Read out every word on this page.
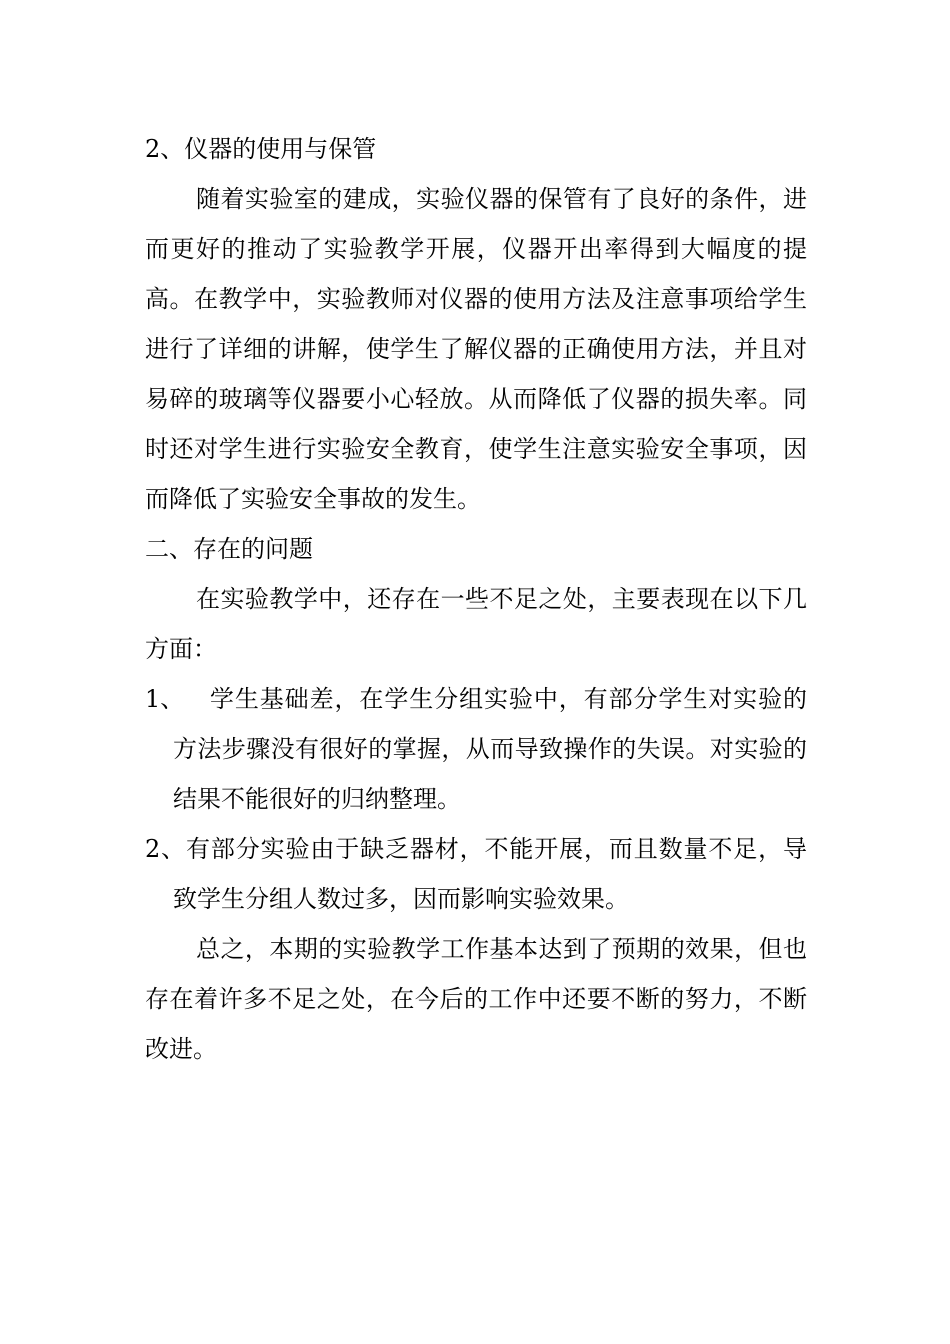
2、仪器的使用与保管

随着实验室的建成，实验仪器的保管有了良好的条件，进而更好的推动了实验教学开展，仪器开出率得到大幅度的提高。在教学中，实验教师对仪器的使用方法及注意事项给学生进行了详细的讲解，使学生了解仪器的正确使用方法，并且对易碎的玻璃等仪器要小心轻放。从而降低了仪器的损失率。同时还对学生进行实验安全教育，使学生注意实验安全事项，因而降低了实验安全事故的发生。

二、存在的问题

在实验教学中，还存在一些不足之处，主要表现在以下几方面：

1、 学生基础差，在学生分组实验中，有部分学生对实验的方法步骤没有很好的掌握，从而导致操作的失误。对实验的结果不能很好的归纳整理。
2、有部分实验由于缺乏器材，不能开展，而且数量不足，导致学生分组人数过多，因而影响实验效果。

总之，本期的实验教学工作基本达到了预期的效果，但也存在着许多不足之处，在今后的工作中还要不断的努力，不断改进。
